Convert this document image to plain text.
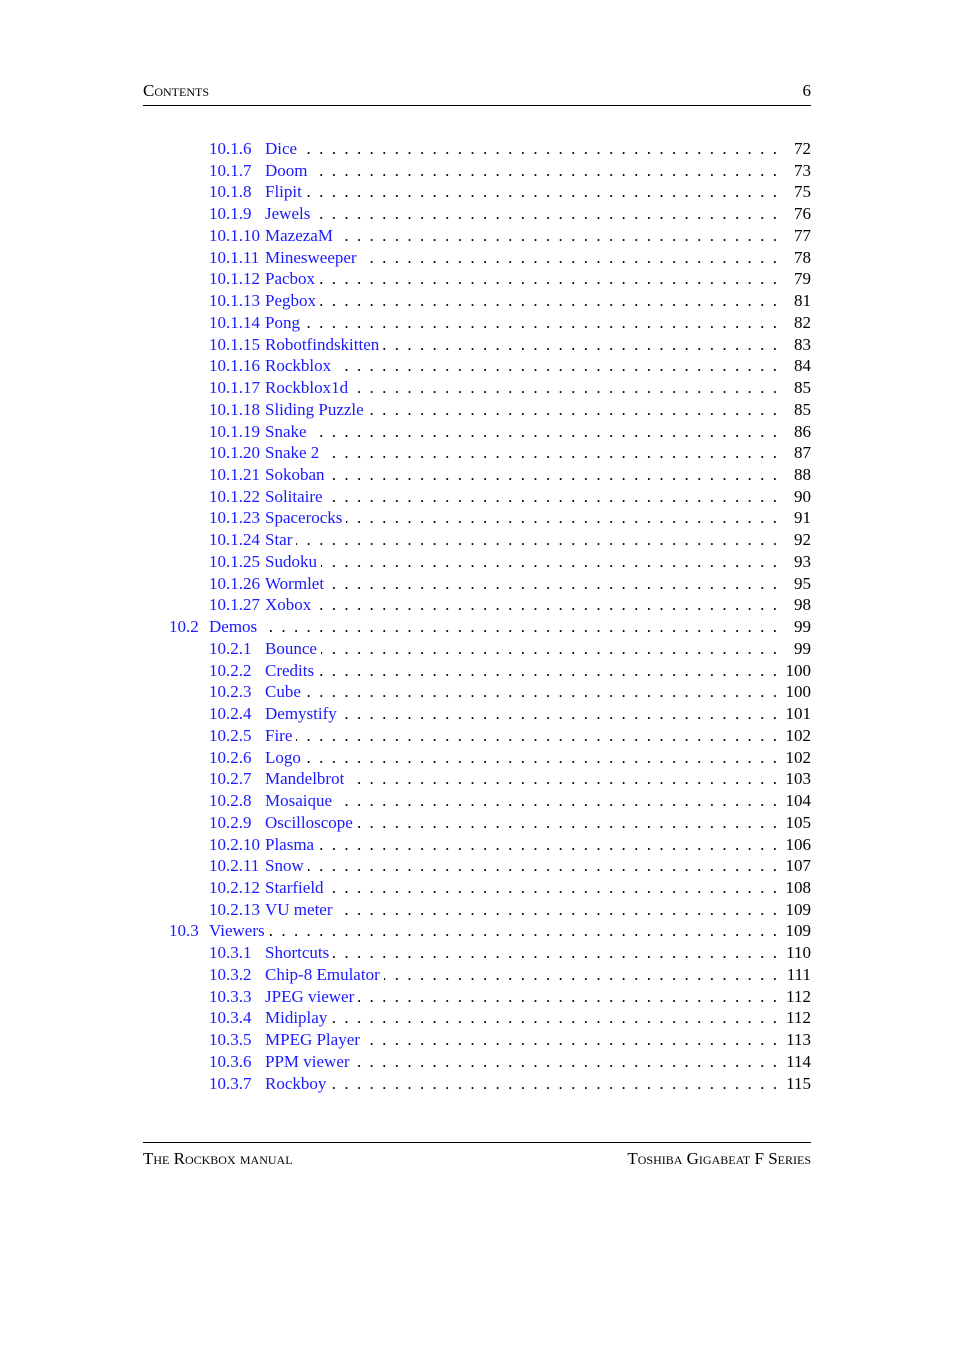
Contents	6
10.1.6 . . . Dice	72
10.1.7 . . . Doom	73
10.1.8 . . . Flipit	75
10.1.9 . . . Jewels	76
10.1.10 . . . MazezaM	77
10.1.11 . . . Minesweeper	78
10.1.12 . . . Pacbox	79
10.1.13 . . . Pegbox	81
10.1.14 . . . Pong	82
10.1.15 . . . Robotfindskitten	83
10.1.16 . . . Rockblox	84
10.1.17 . . . Rockblox1d	85
10.1.18 . . . Sliding Puzzle	85
10.1.19 . . . Snake	86
10.1.20 . . . Snake 2	87
10.1.21 . . . Sokoban	88
10.1.22 . . . Solitaire	90
10.1.23 . . . Spacerocks	91
10.1.24 . . . Star	92
10.1.25 . . . Sudoku	93
10.1.26 . . . Wormlet	95
10.1.27 . . . Xobox	98
10.2 . . . Demos	99
10.2.1 . . . Bounce	99
10.2.2 . . . Credits	100
10.2.3 . . . Cube	100
10.2.4 . . . Demystify	101
10.2.5 . . . Fire	102
10.2.6 . . . Logo	102
10.2.7 . . . Mandelbrot	103
10.2.8 . . . Mosaique	104
10.2.9 . . . Oscilloscope	105
10.2.10 . . . Plasma	106
10.2.11 . . . Snow	107
10.2.12 . . . Starfield	108
10.2.13 . . . VU meter	109
10.3 . . . Viewers	109
10.3.1 . . . Shortcuts	110
10.3.2 . . . Chip-8 Emulator	111
10.3.3 . . . JPEG viewer	112
10.3.4 . . . Midiplay	112
10.3.5 . . . MPEG Player	113
10.3.6 . . . PPM viewer	114
10.3.7 . . . Rockboy	115
The Rockbox manual	Toshiba Gigabeat F Series
